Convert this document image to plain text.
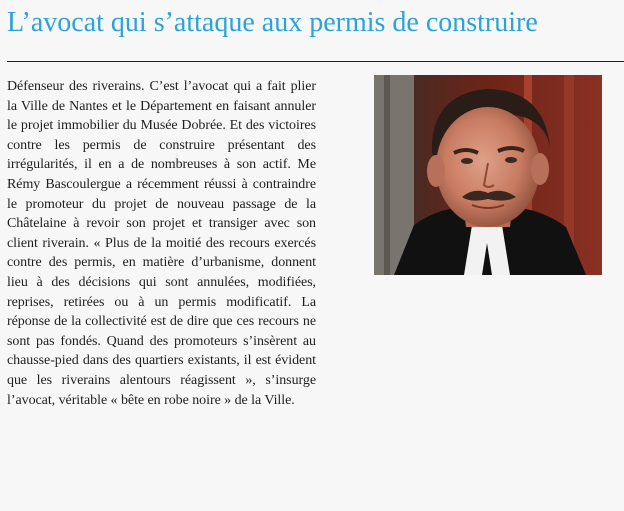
L’avocat qui s’attaque aux permis de construire

Défenseur des riverains. C’est l’avocat qui a fait plier la Ville de Nantes et le Département en faisant annuler le projet immobilier du Musée Dobrée. Et des victoires contre les permis de construire présentant des irrégularités, il en a de nombreuses à son actif. Me Rémy Bascoulergue a récemment réussi à contraindre le promoteur du projet de nouveau passage de la Châtelaine à revoir son projet et transiger avec son client riverain. « Plus de la moitié des recours exercés contre des permis, en matière d’urbanisme, donnent lieu à des décisions qui sont annulées, modifiées, reprises, retirées ou à un permis modificatif. La réponse de la collectivité est de dire que ces recours ne sont pas fondés. Quand des promoteurs s’insèrent au chausse-pied dans des quartiers existants, il est évident que les riverains alentours réagissent », s’insurge l’avocat, véritable « bête en robe noire » de la Ville.
